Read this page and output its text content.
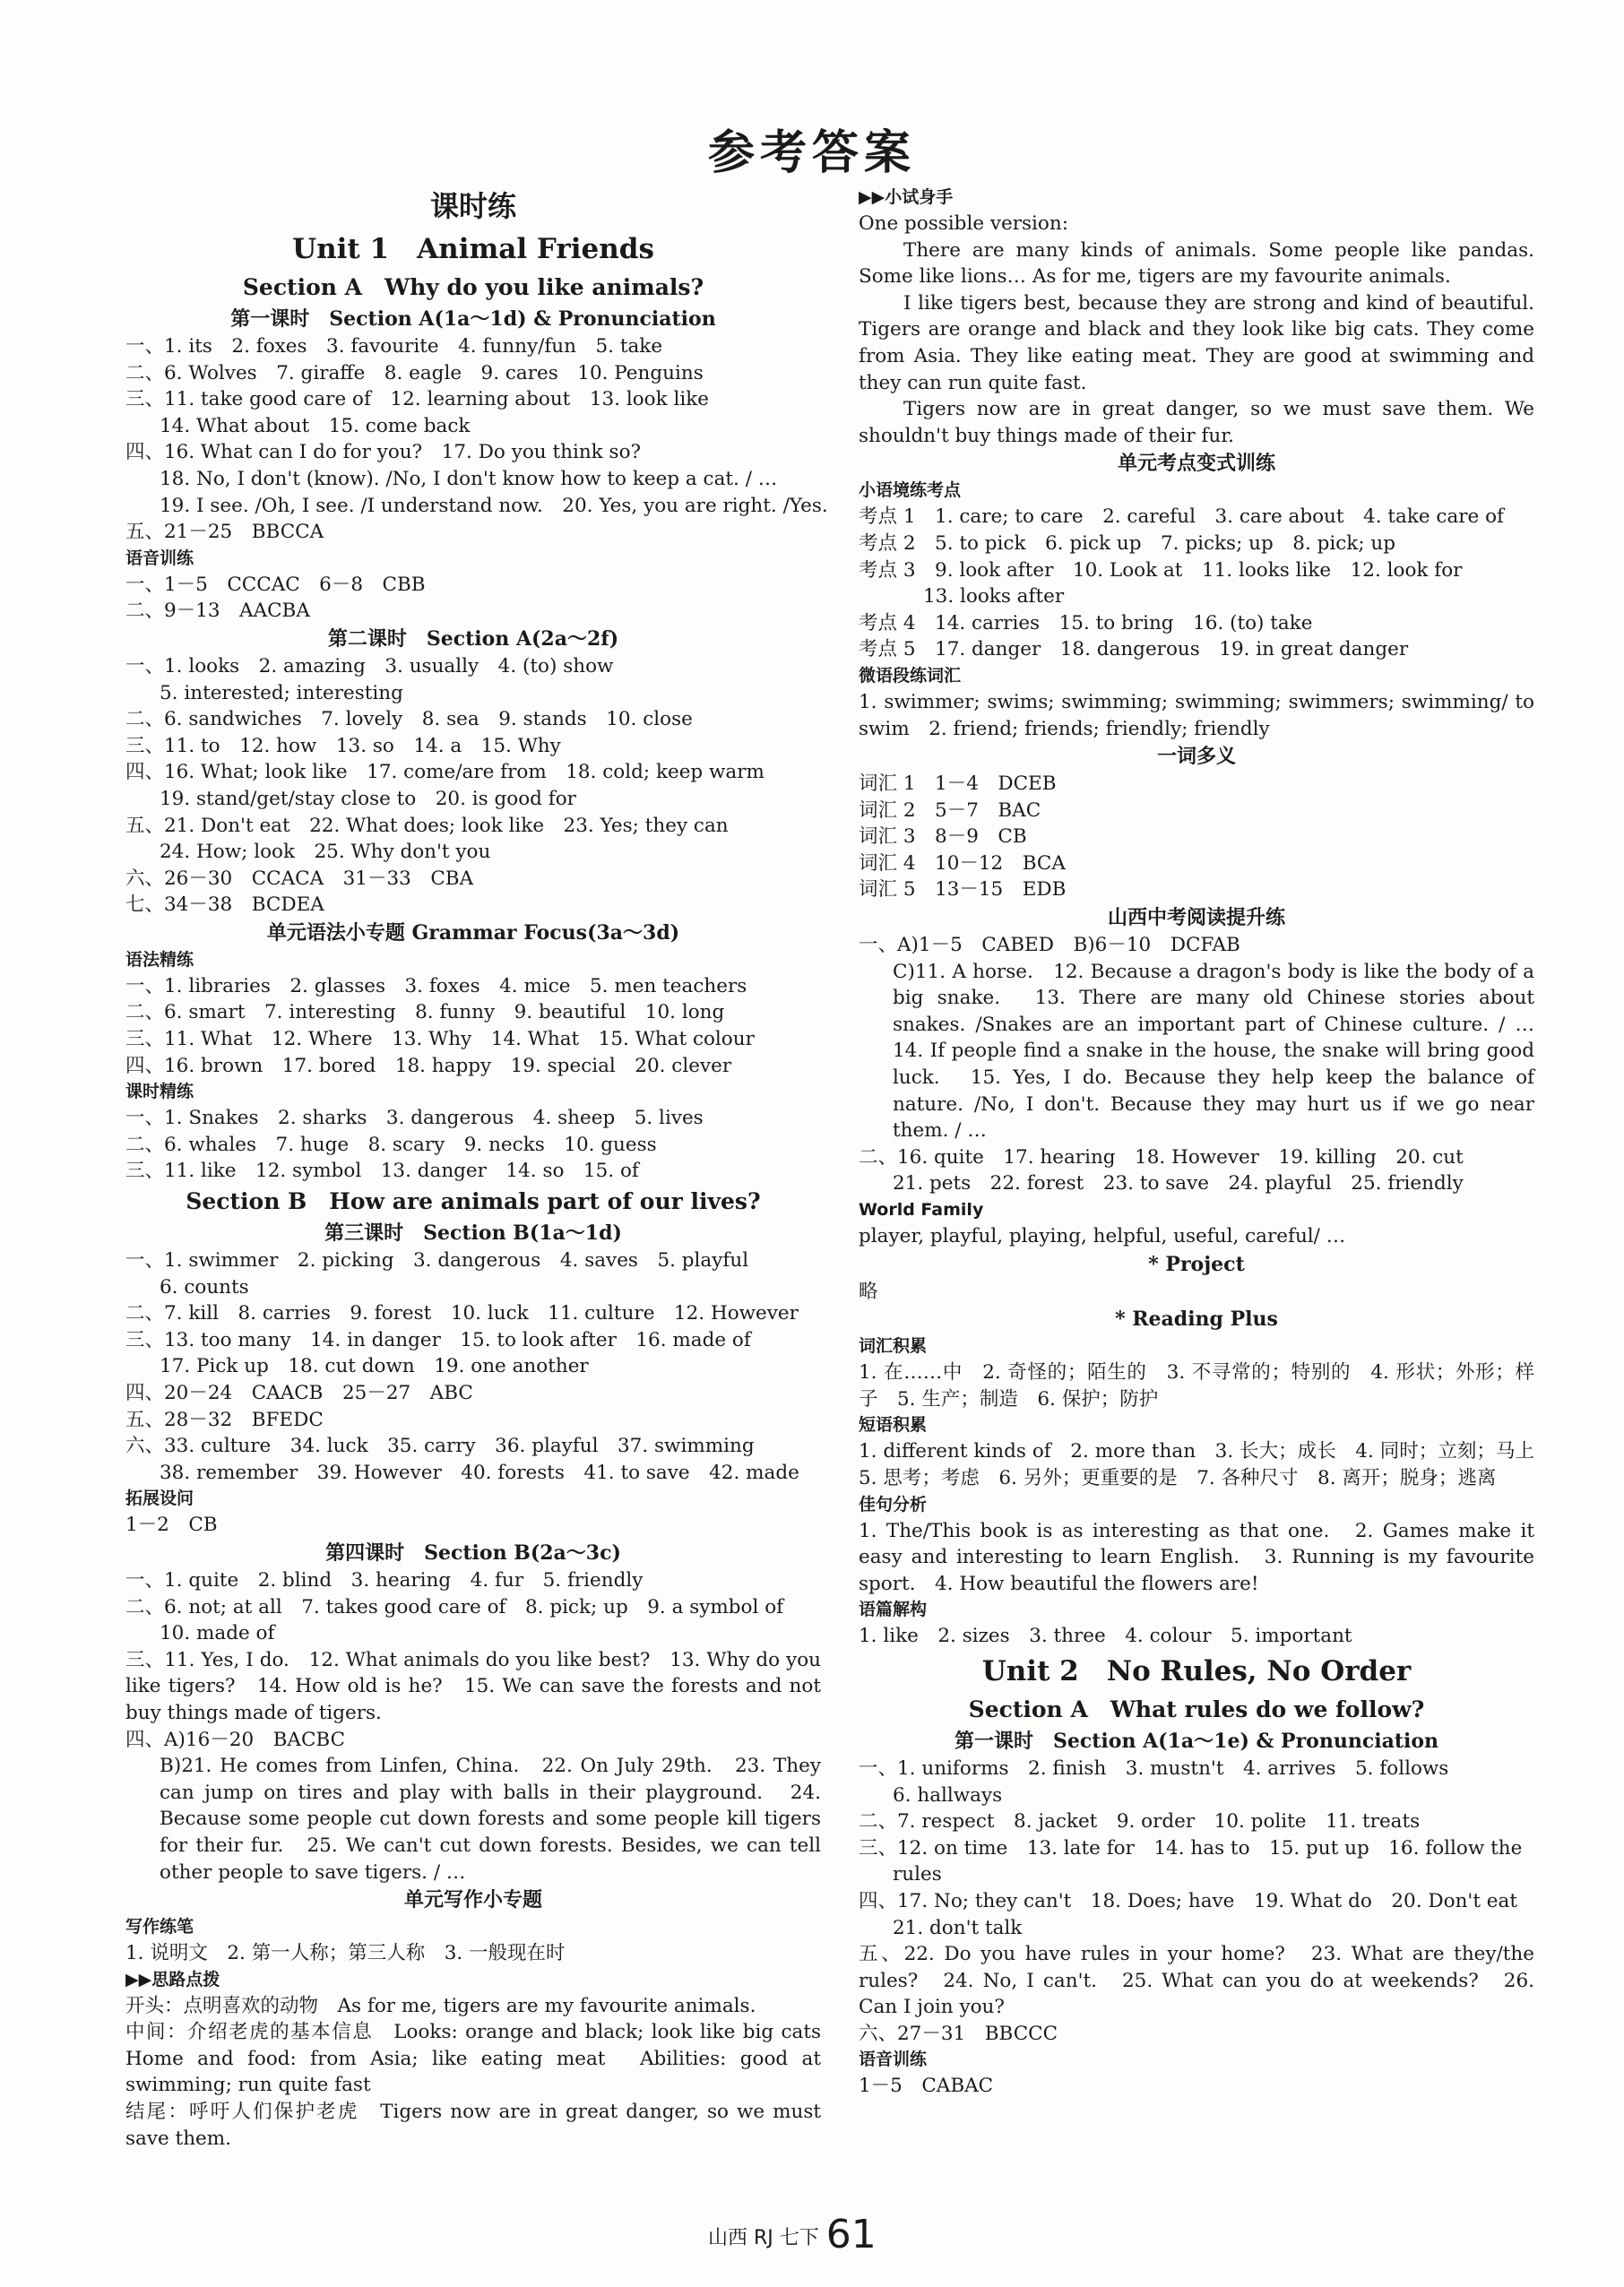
参考答案
课时练
Unit 1　Animal Friends
Section A　Why do you like animals?
第一课时　Section A(1a～1d) & Pronunciation
一、1. its　2. foxes　3. favourite　4. funny/fun　5. take
二、6. Wolves　7. giraffe　8. eagle　9. cares　10. Penguins
三、11. take good care of　12. learning about　13. look like
14. What about　15. come back
四、16. What can I do for you?　17. Do you think so?
18. No, I don't (know). /No, I don't know how to keep a cat. / …
19. I see. /Oh, I see. /I understand now.　20. Yes, you are right. /Yes.
五、21－25　BBCCA
语音训练
一、1－5　CCCAC　6－8　CBB
二、9－13　AACBA
第二课时　Section A(2a～2f)
一、1. looks　2. amazing　3. usually　4. (to) show
5. interested; interesting
二、6. sandwiches　7. lovely　8. sea　9. stands　10. close
三、11. to　12. how　13. so　14. a　15. Why
四、16. What; look like　17. come/are from　18. cold; keep warm
19. stand/get/stay close to　20. is good for
五、21. Don't eat　22. What does; look like　23. Yes; they can
24. How; look　25. Why don't you
六、26－30　CCACA　31－33　CBA
七、34－38　BCDEA
单元语法小专题 Grammar Focus(3a～3d)
语法精练
一、1. libraries　2. glasses　3. foxes　4. mice　5. men teachers
二、6. smart　7. interesting　8. funny　9. beautiful　10. long
三、11. What　12. Where　13. Why　14. What　15. What colour
四、16. brown　17. bored　18. happy　19. special　20. clever
课时精练
一、1. Snakes　2. sharks　3. dangerous　4. sheep　5. lives
二、6. whales　7. huge　8. scary　9. necks　10. guess
三、11. like　12. symbol　13. danger　14. so　15. of
Section B　How are animals part of our lives?
第三课时　Section B(1a～1d)
一、1. swimmer　2. picking　3. dangerous　4. saves　5. playful
6. counts
二、7. kill　8. carries　9. forest　10. luck　11. culture　12. However
三、13. too many　14. in danger　15. to look after　16. made of
17. Pick up　18. cut down　19. one another
四、20－24　CAACB　25－27　ABC
五、28－32　BFEDC
六、33. culture　34. luck　35. carry　36. playful　37. swimming
38. remember　39. However　40. forests　41. to save　42. made
拓展设问
1－2　CB
第四课时　Section B(2a～3c)
一、1. quite　2. blind　3. hearing　4. fur　5. friendly
二、6. not; at all　7. takes good care of　8. pick; up　9. a symbol of
10. made of
三、11. Yes, I do.　12. What animals do you like best?　13. Why do you like tigers?　14. How old is he?　15. We can save the forests and not buy things made of tigers.
四、A)16－20　BACBC
B)21. He comes from Linfen, China.　22. On July 29th.　23. They can jump on tires and play with balls in their playground.　24. Because some people cut down forests and some people kill tigers for their fur.　25. We can't cut down forests. Besides, we can tell other people to save tigers. / …
单元写作小专题
写作练笔
1. 说明文　2. 第一人称；第三人称　3. 一般现在时
▶▶思路点拨
开头：点明喜欢的动物　As for me, tigers are my favourite animals.
中间：介绍老虎的基本信息　Looks: orange and black; look like big cats　Home and food: from Asia; like eating meat　Abilities: good at swimming; run quite fast
结尾：呼吁人们保护老虎　Tigers now are in great danger, so we must save them.
▶▶小试身手
One possible version:
There are many kinds of animals. Some people like pandas. Some like lions… As for me, tigers are my favourite animals.
I like tigers best, because they are strong and kind of beautiful. Tigers are orange and black and they look like big cats. They come from Asia. They like eating meat. They are good at swimming and they can run quite fast.
Tigers now are in great danger, so we must save them. We shouldn't buy things made of their fur.
单元考点变式训练
小语境练考点
考点 1　1. care; to care　2. careful　3. care about　4. take care of
考点 2　5. to pick　6. pick up　7. picks; up　8. pick; up
考点 3　9. look after　10. Look at　11. looks like　12. look for
13. looks after
考点 4　14. carries　15. to bring　16. (to) take
考点 5　17. danger　18. dangerous　19. in great danger
微语段练词汇
1. swimmer; swims; swimming; swimming; swimmers; swimming/ to swim　2. friend; friends; friendly; friendly
一词多义
词汇 1　1－4　DCEB
词汇 2　5－7　BAC
词汇 3　8－9　CB
词汇 4　10－12　BCA
词汇 5　13－15　EDB
山西中考阅读提升练
一、A)1－5　CABED　B)6－10　DCFAB
C)11. A horse.　12. Because a dragon's body is like the body of a big snake.　13. There are many old Chinese stories about snakes. /Snakes are an important part of Chinese culture. / …　14. If people find a snake in the house, the snake will bring good luck.　15. Yes, I do. Because they help keep the balance of nature. /No, I don't. Because they may hurt us if we go near them. / …
二、16. quite　17. hearing　18. However　19. killing　20. cut
21. pets　22. forest　23. to save　24. playful　25. friendly
World Family
player, playful, playing, helpful, useful, careful/ …
* Project
略
* Reading Plus
词汇积累
1. 在……中　2. 奇怪的；陌生的　3. 不寻常的；特别的　4. 形状；外形；样子　5. 生产；制造　6. 保护；防护
短语积累
1. different kinds of　2. more than　3. 长大；成长　4. 同时；立刻；马上　5. 思考；考虑　6. 另外；更重要的是　7. 各种尺寸　8. 离开；脱身；逃离
佳句分析
1. The/This book is as interesting as that one.　2. Games make it easy and interesting to learn English.　3. Running is my favourite sport.　4. How beautiful the flowers are!
语篇解构
1. like　2. sizes　3. three　4. colour　5. important
Unit 2　No Rules, No Order
Section A　What rules do we follow?
第一课时　Section A(1a～1e) & Pronunciation
一、1. uniforms　2. finish　3. mustn't　4. arrives　5. follows
6. hallways
二、7. respect　8. jacket　9. order　10. polite　11. treats
三、12. on time　13. late for　14. has to　15. put up　16. follow the
rules
四、17. No; they can't　18. Does; have　19. What do　20. Don't eat
21. don't talk
五、22. Do you have rules in your home?　23. What are they/the rules?　24. No, I can't.　25. What can you do at weekends?　26. Can I join you?
六、27－31　BBCCC
语音训练
1－5　CABAC
山西 RJ 七下 61
